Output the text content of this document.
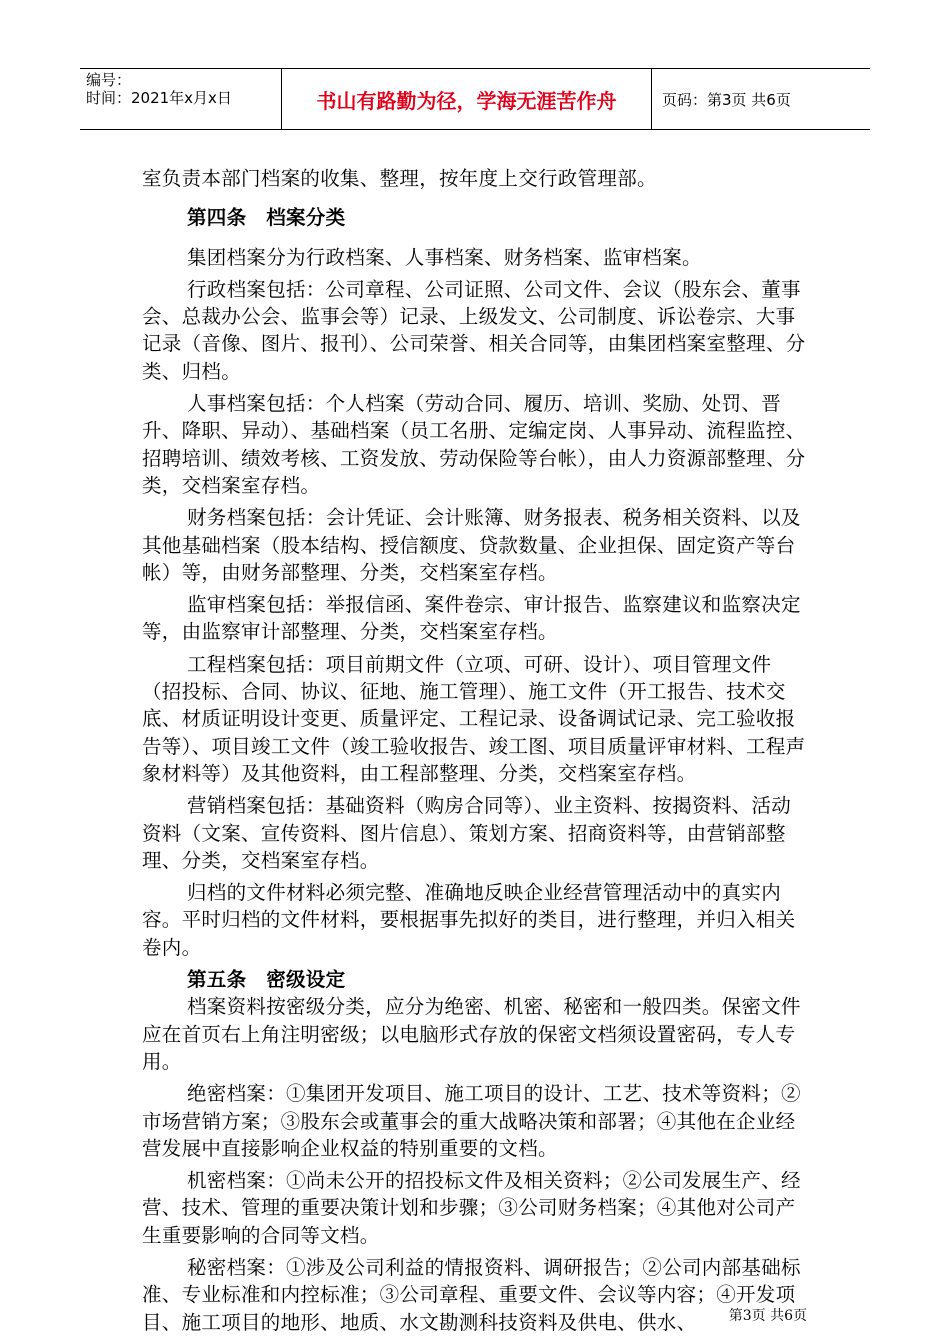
编号：
时间：2021年x月x日	书山有路勤为径，学海无涯苦作舟	页码：第3页 共6页

室负责本部门档案的收集、整理，按年度上交行政管理部。

第四条　档案分类

集团档案分为行政档案、人事档案、财务档案、监审档案。

行政档案包括：公司章程、公司证照、公司文件、会议（股东会、董事会、总裁办公会、监事会等）记录、上级发文、公司制度、诉讼卷宗、大事记录（音像、图片、报刊）、公司荣誉、相关合同等，由集团档案室整理、分类、归档。

人事档案包括：个人档案（劳动合同、履历、培训、奖励、处罚、晋升、降职、异动）、基础档案（员工名册、定编定岗、人事异动、流程监控、招聘培训、绩效考核、工资发放、劳动保险等台帐），由人力资源部整理、分类，交档案室存档。

财务档案包括：会计凭证、会计账簿、财务报表、税务相关资料、以及其他基础档案（股本结构、授信额度、贷款数量、企业担保、固定资产等台帐）等，由财务部整理、分类，交档案室存档。

监审档案包括：举报信函、案件卷宗、审计报告、监察建议和监察决定等，由监察审计部整理、分类，交档案室存档。

工程档案包括：项目前期文件（立项、可研、设计）、项目管理文件（招投标、合同、协议、征地、施工管理）、施工文件（开工报告、技术交底、材质证明设计变更、质量评定、工程记录、设备调试记录、完工验收报告等）、项目竣工文件（竣工验收报告、竣工图、项目质量评审材料、工程声象材料等）及其他资料，由工程部整理、分类，交档案室存档。

营销档案包括：基础资料（购房合同等）、业主资料、按揭资料、活动资料（文案、宣传资料、图片信息）、策划方案、招商资料等，由营销部整理、分类，交档案室存档。

归档的文件材料必须完整、准确地反映企业经营管理活动中的真实内容。平时归档的文件材料，要根据事先拟好的类目，进行整理，并归入相关卷内。

第五条　密级设定

档案资料按密级分类，应分为绝密、机密、秘密和一般四类。保密文件应在首页右上角注明密级；以电脑形式存放的保密文档须设置密码，专人专用。

绝密档案：①集团开发项目、施工项目的设计、工艺、技术等资料；②市场营销方案；③股东会或董事会的重大战略决策和部署；④其他在企业经营发展中直接影响企业权益的特别重要的文档。

机密档案：①尚未公开的招投标文件及相关资料；②公司发展生产、经营、技术、管理的重要决策计划和步骤；③公司财务档案；④其他对公司产生重要影响的合同等文档。

秘密档案：①涉及公司利益的情报资料、调研报告；②公司内部基础标准、专业标准和内控标准；③公司章程、重要文件、会议等内容；④开发项目、施工项目的地形、地质、水文勘测科技资料及供电、供水、	第3页 共6页
